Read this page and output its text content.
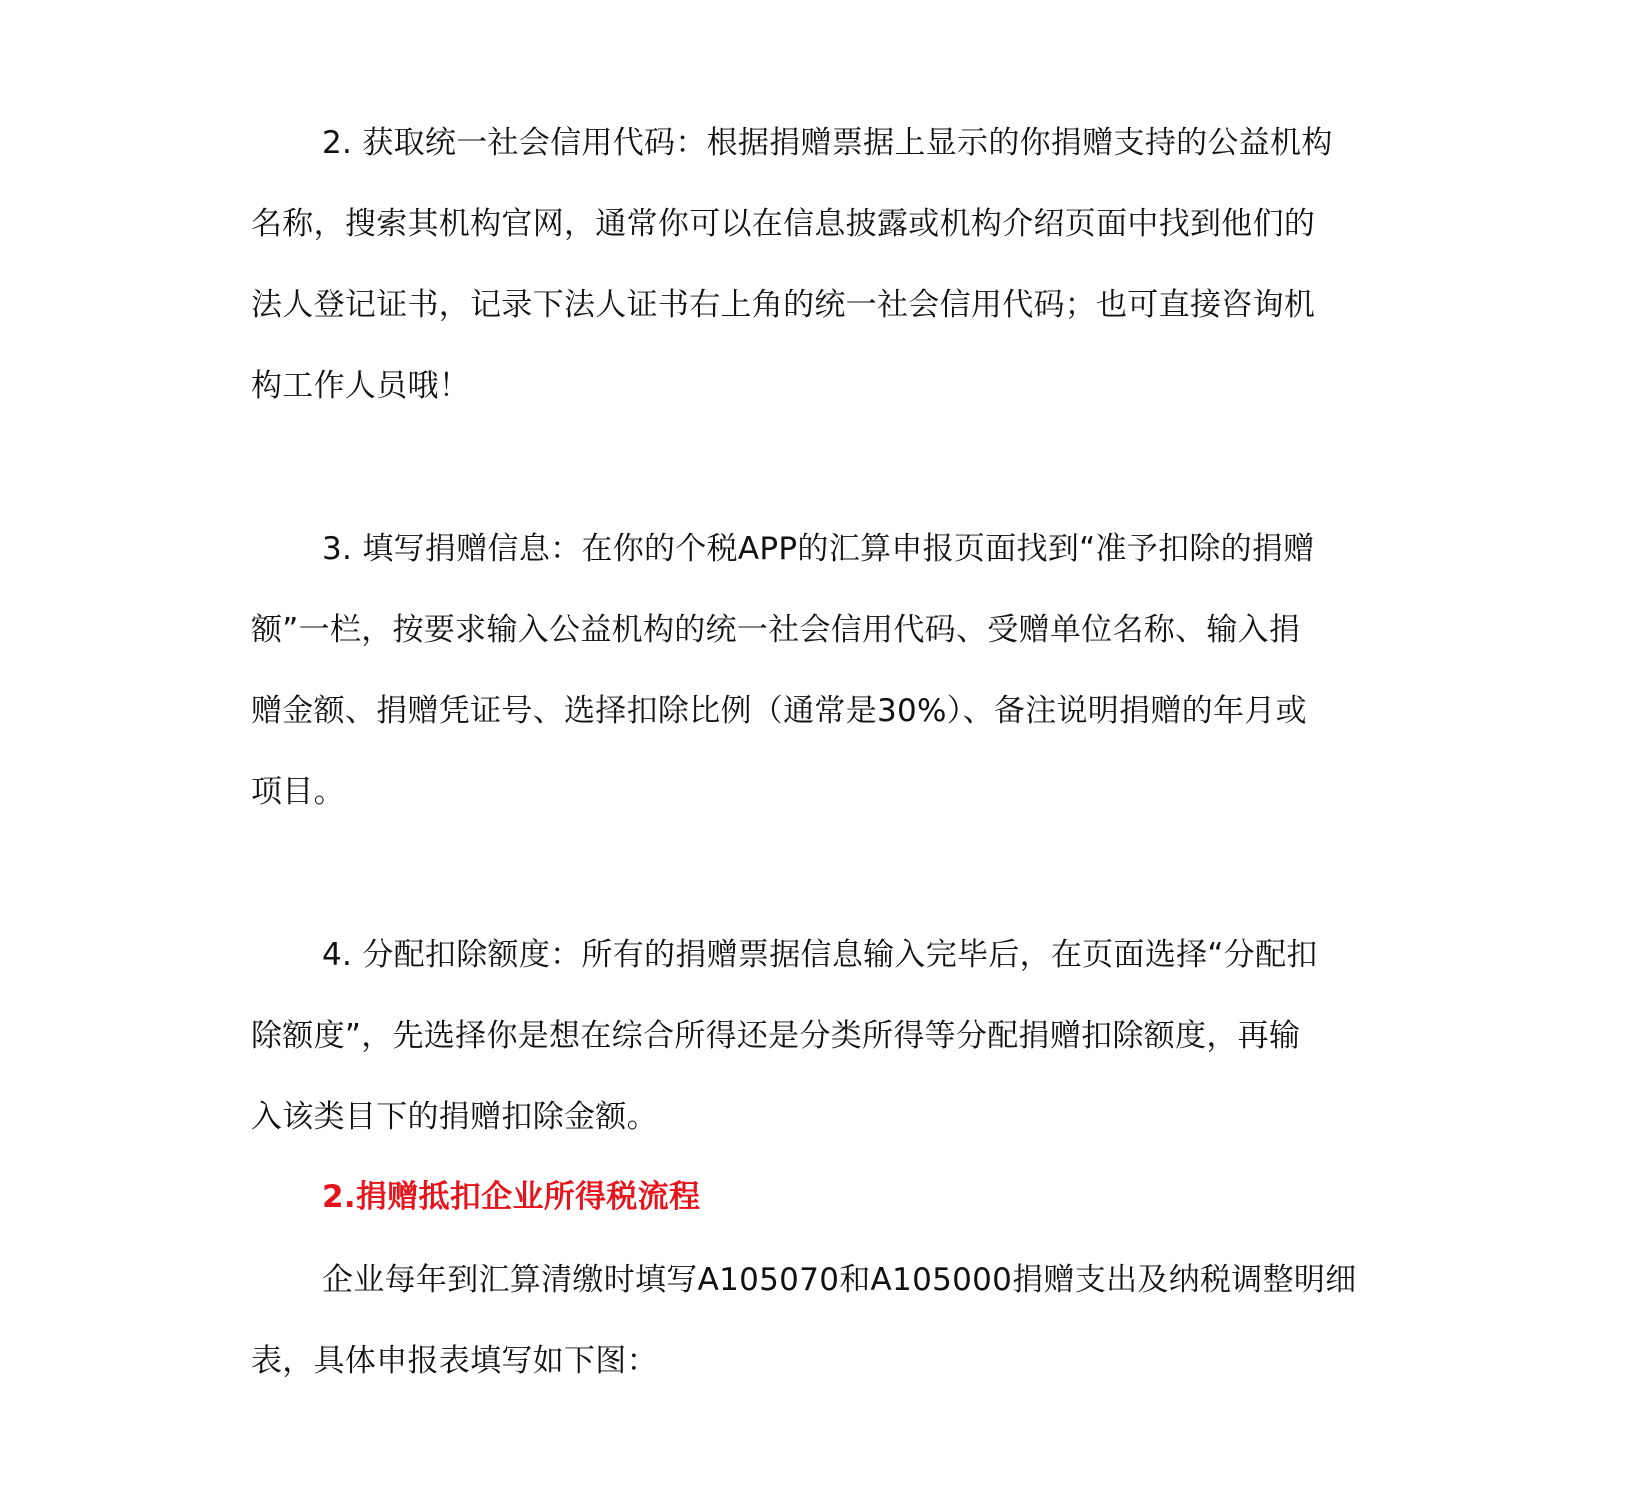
2. 获取统一社会信用代码：根据捐赠票据上显示的你捐赠支持的公益机构
名称，搜索其机构官网，通常你可以在信息披露或机构介绍页面中找到他们的
法人登记证书，记录下法人证书右上角的统一社会信用代码；也可直接咨询机
构工作人员哦！
3. 填写捐赠信息：在你的个税APP的汇算申报页面找到“准予扣除的捐赠
额”一栏，按要求输入公益机构的统一社会信用代码、受赠单位名称、输入捐
赠金额、捐赠凭证号、选择扣除比例（通常是30%）、备注说明捐赠的年月或
项目。
4. 分配扣除额度：所有的捐赠票据信息输入完毕后，在页面选择“分配扣
除额度”，先选择你是想在综合所得还是分类所得等分配捐赠扣除额度，再输
入该类目下的捐赠扣除金额。
2.捐赠抵扣企业所得税流程
企业每年到汇算清缴时填写A105070和A105000捐赠支出及纳税调整明细
表，具体申报表填写如下图：
